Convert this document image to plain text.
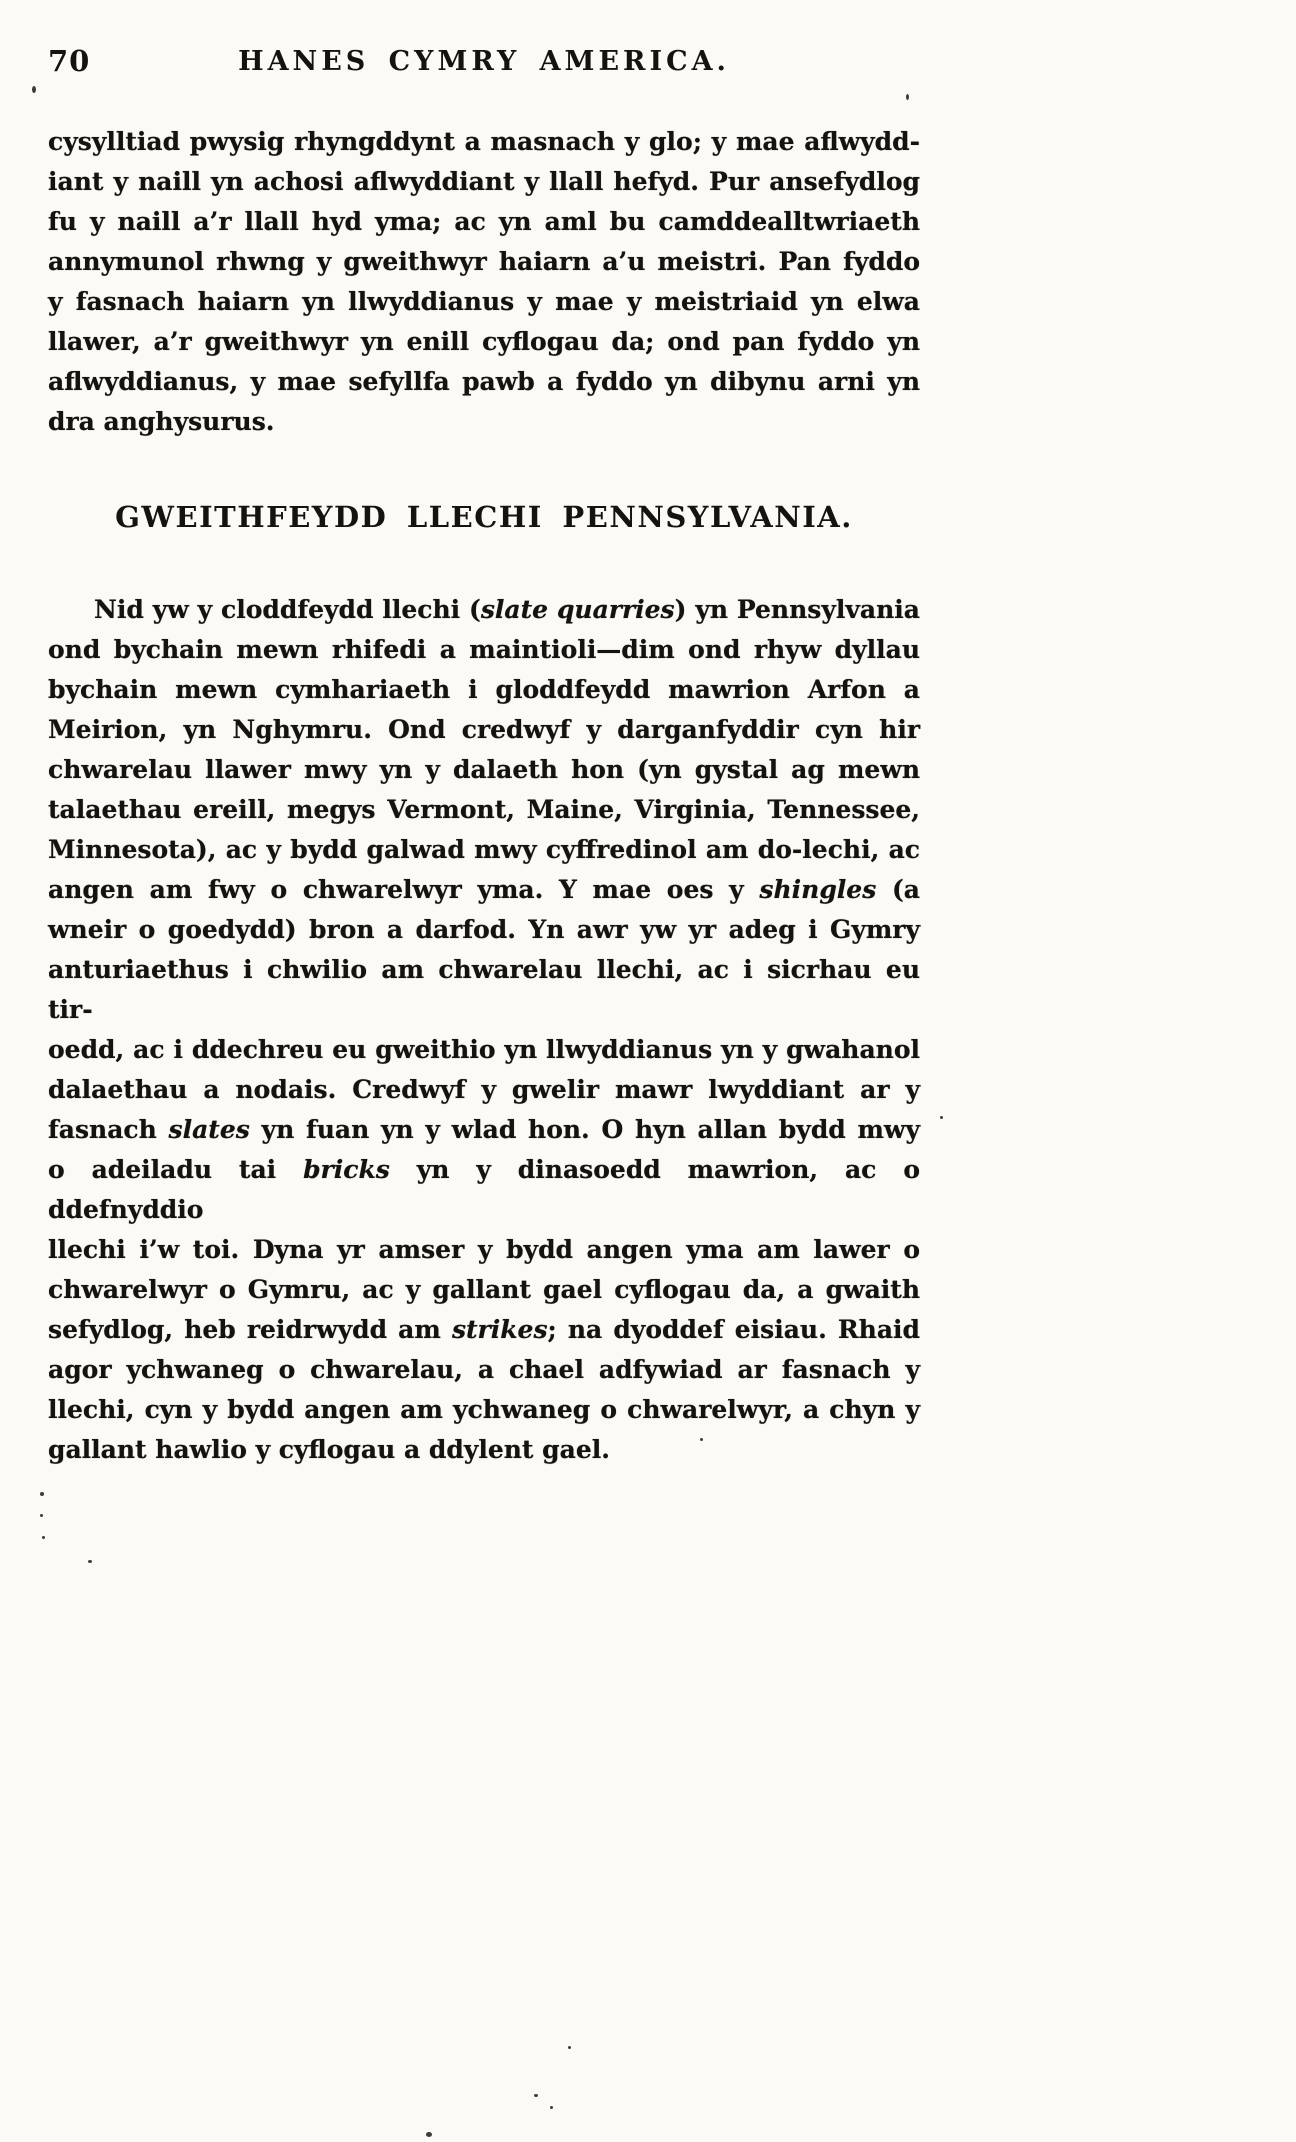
70	HANES CYMRY AMERICA.
cysylltiad pwysig rhyngddynt a masnach y glo; y mae aflwydd-
iant y naill yn achosi aflwyddiant y llall hefyd. Pur ansefydlog
fu y naill a’r llall hyd yma; ac yn aml bu camddealltwriaeth
annymunol rhwng y gweithwyr haiarn a’u meistri. Pan fyddo
y fasnach haiarn yn llwyddianus y mae y meistriaid yn elwa
llawer, a’r gweithwyr yn enill cyflogau da; ond pan fyddo yn
aflwyddianus, y mae sefyllfa pawb a fyddo yn dibynu arni yn
dra anghysurus.
GWEITHFEYDD LLECHI PENNSYLVANIA.
Nid yw y cloddfeydd llechi (slate quarries) yn Pennsylvania
ond bychain mewn rhifedi a maintioli—dim ond rhyw dyllau
bychain mewn cymhariaeth i gloddfeydd mawrion Arfon a
Meirion, yn Nghymru. Ond credwyf y darganfyddir cyn hir
chwarelau llawer mwy yn y dalaeth hon (yn gystal ag mewn
talaethau ereill, megys Vermont, Maine, Virginia, Tennessee,
Minnesota), ac y bydd galwad mwy cyffredinol am do-lechi, ac
angen am fwy o chwarelwyr yma. Y mae oes y shingles (a
wneir o goedydd) bron a darfod. Yn awr yw yr adeg i Gymry
anturiaethus i chwilio am chwarelau llechi, ac i sicrhau eu tir-
oedd, ac i ddechreu eu gweithio yn llwyddianus yn y gwahanol
dalaethau a nodais. Credwyf y gwelir mawr lwyddiant ar y
fasnach slates yn fuan yn y wlad hon. O hyn allan bydd mwy
o adeiladu tai bricks yn y dinasoedd mawrion, ac o ddefnyddio
llechi i’w toi. Dyna yr amser y bydd angen yma am lawer o
chwarelwyr o Gymru, ac y gallant gael cyflogau da, a gwaith
sefydlog, heb reidrwydd am strikes; na dyoddef eisiau. Rhaid
agor ychwaneg o chwarelau, a chael adfywiad ar fasnach y
llechi, cyn y bydd angen am ychwaneg o chwarelwyr, a chyn y
gallant hawlio y cyflogau a ddylent gael.
